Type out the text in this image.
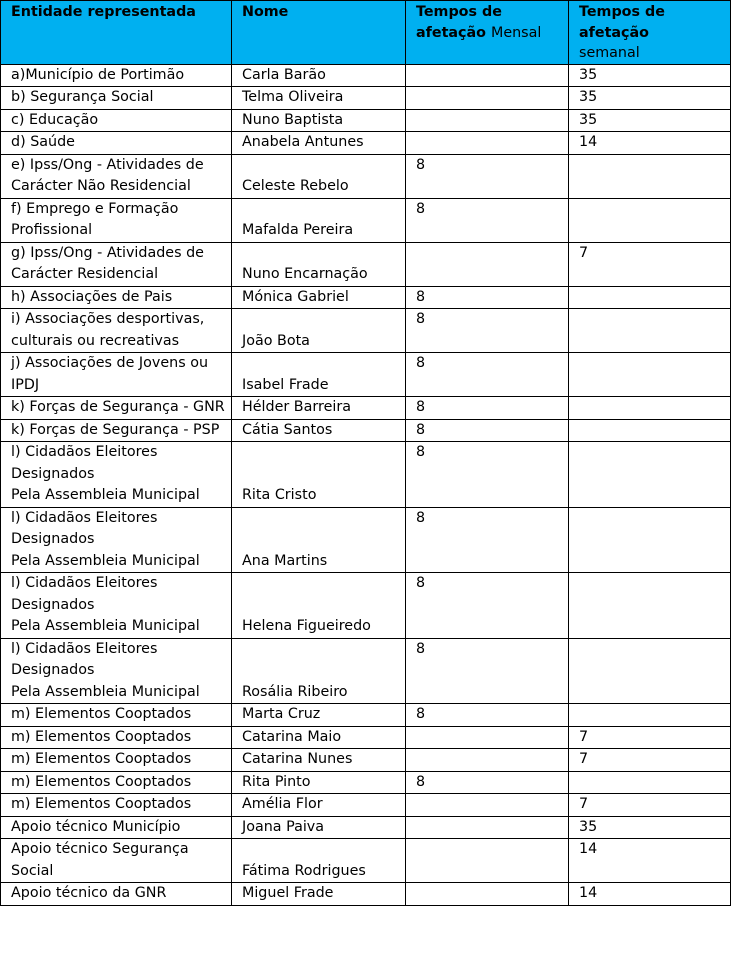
Entidade representada	Nome	Tempos de afetação Mensal	Tempos de afetação
semanal

a)Município de Portimão	Carla Barão		35
b) Segurança Social	Telma Oliveira		35
c) Educação	Nuno Baptista		35
d) Saúde	Anabela Antunes		14
e) Ipss/Ong - Atividades de Carácter Não Residencial	Celeste Rebelo	8	
f) Emprego e Formação Profissional	Mafalda Pereira	8	
g) Ipss/Ong - Atividades de Carácter Residencial	Nuno Encarnação		7
h) Associações de Pais	Mónica Gabriel	8	
i) Associações desportivas, culturais ou recreativas	João Bota	8	
j) Associações de Jovens ou IPDJ	Isabel Frade	8	
k) Forças de Segurança - GNR	Hélder Barreira	8	
k) Forças de Segurança - PSP	Cátia Santos	8	
l) Cidadãos Eleitores Designados
Pela Assembleia Municipal	Rita Cristo	8	
l) Cidadãos Eleitores Designados
Pela Assembleia Municipal	Ana Martins	8	
l) Cidadãos Eleitores Designados
Pela Assembleia Municipal	Helena Figueiredo	8	
l) Cidadãos Eleitores Designados
Pela Assembleia Municipal	Rosália Ribeiro	8	
m) Elementos Cooptados	Marta Cruz	8	
m) Elementos Cooptados	Catarina Maio		7
m) Elementos Cooptados	Catarina Nunes		7
m) Elementos Cooptados	Rita Pinto	8	
m) Elementos Cooptados	Amélia Flor		7
Apoio técnico Município	Joana Paiva		35
Apoio técnico Segurança Social	Fátima Rodrigues		14
Apoio técnico da GNR	Miguel Frade		14
